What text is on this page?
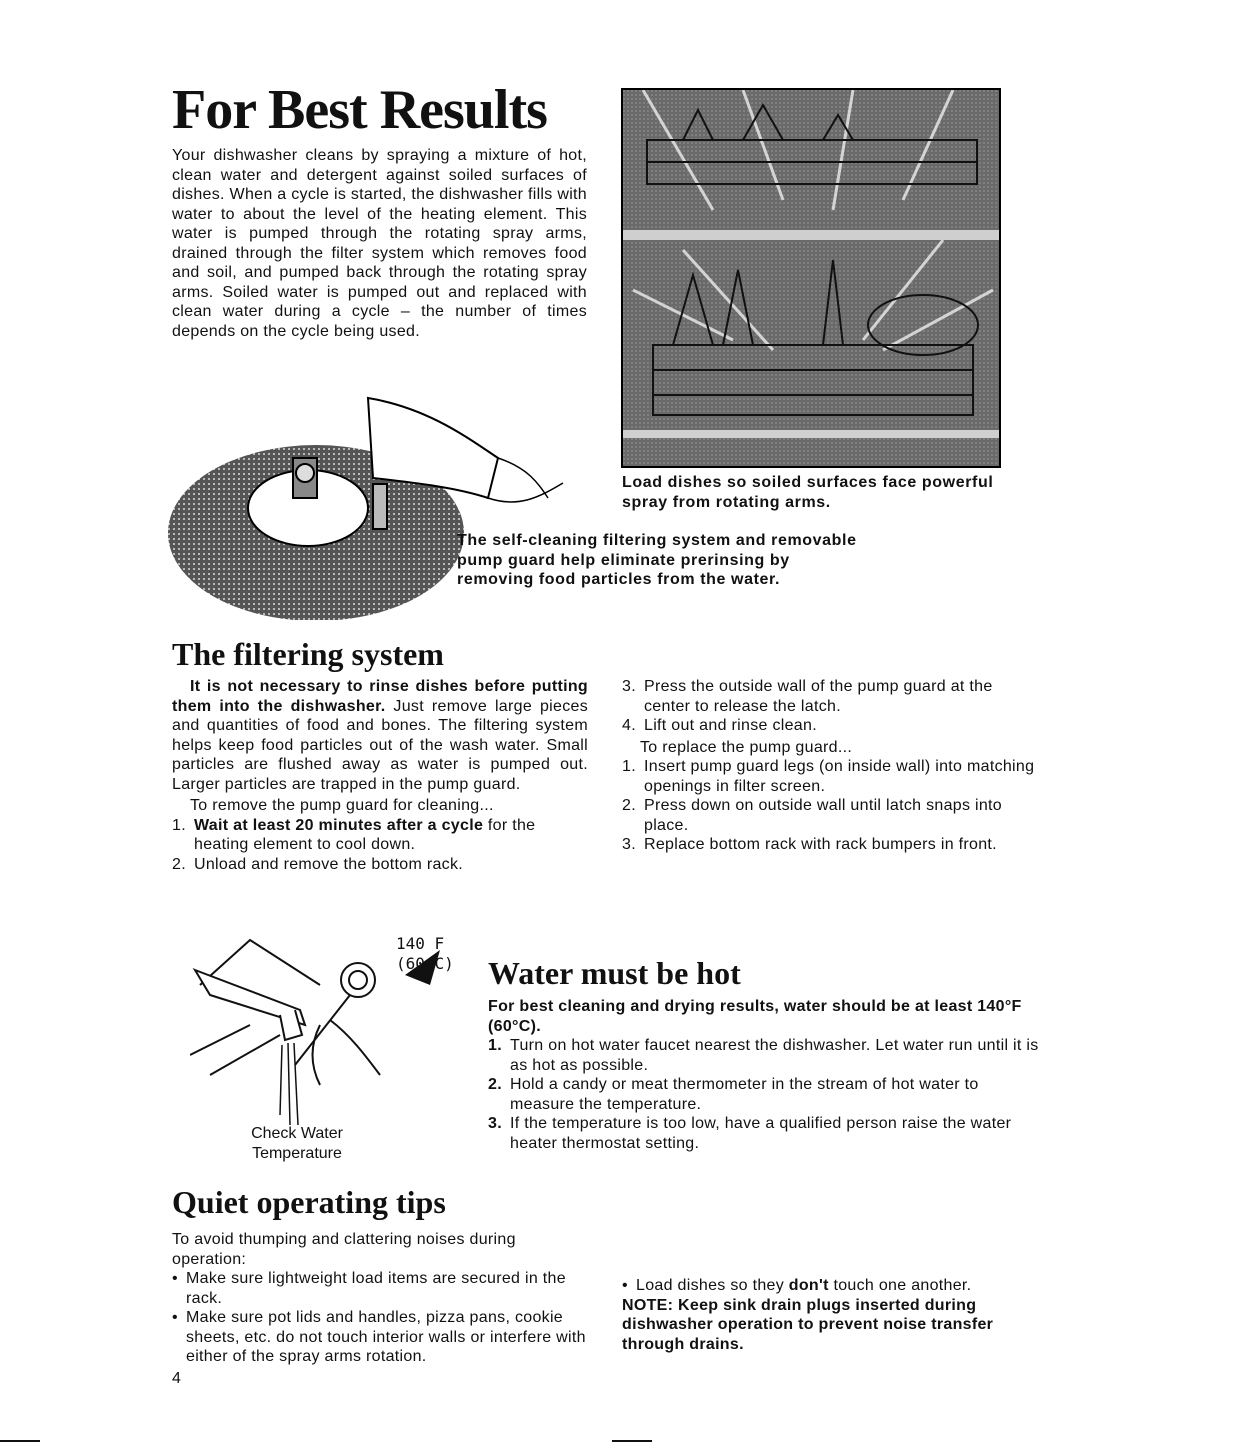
For Best Results

Your dishwasher cleans by spraying a mixture of hot, clean water and detergent against soiled surfaces of dishes. When a cycle is started, the dishwasher fills with water to about the level of the heating element. This water is pumped through the rotating spray arms, drained through the filter system which removes food and soil, and pumped back through the rotating spray arms. Soiled water is pumped out and replaced with clean water during a cycle – the number of times depends on the cycle being used.

Load dishes so soiled surfaces face powerful spray from rotating arms.

The self-cleaning filtering system and removable pump guard help eliminate prerinsing by removing food particles from the water.

The filtering system

It is not necessary to rinse dishes before putting them into the dishwasher. Just remove large pieces and quantities of food and bones. The filtering system helps keep food particles out of the wash water. Small particles are flushed away as water is pumped out. Larger particles are trapped in the pump guard.

To remove the pump guard for cleaning...

1. Wait at least 20 minutes after a cycle for the heating element to cool down.

2. Unload and remove the bottom rack.

3. Press the outside wall of the pump guard at the center to release the latch.

4. Lift out and rinse clean.

To replace the pump guard...

1. Insert pump guard legs (on inside wall) into matching openings in filter screen.

2. Press down on outside wall until latch snaps into place.

3. Replace bottom rack with rack bumpers in front.

140 F
(60 C)
Check Water
Temperature
Water must be hot

For best cleaning and drying results, water should be at least 140°F (60°C).

1. Turn on hot water faucet nearest the dishwasher. Let water run until it is as hot as possible.

2. Hold a candy or meat thermometer in the stream of hot water to measure the temperature.

3. If the temperature is too low, have a qualified person raise the water heater thermostat setting.

Quiet operating tips

To avoid thumping and clattering noises during operation:

• Make sure lightweight load items are secured in the rack.

• Make sure pot lids and handles, pizza pans, cookie sheets, etc. do not touch interior walls or interfere with either of the spray arms rotation.

• Load dishes so they don't touch one another.

NOTE: Keep sink drain plugs inserted during dishwasher operation to prevent noise transfer through drains.

4
